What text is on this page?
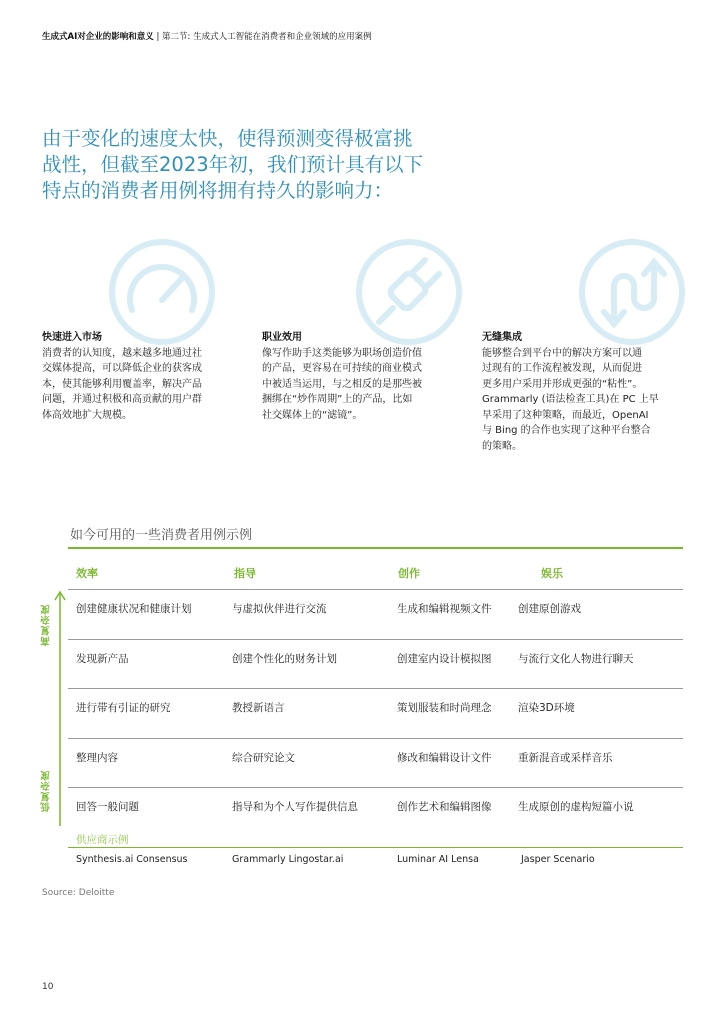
生成式AI对企业的影响和意义 | 第二节: 生成式人工智能在消费者和企业领域的应用案例
由于变化的速度太快，使得预测变得极富挑
战性，但截至2023年初，我们预计具有以下
特点的消费者用例将拥有持久的影响力：
快速进入市场
消费者的认知度，越来越多地通过社
交媒体提高，可以降低企业的获客成
本，使其能够利用覆盖率，解决产品
问题，并通过积极和高贡献的用户群
体高效地扩大规模。
职业效用
像写作助手这类能够为职场创造价值
的产品，更容易在可持续的商业模式
中被适当运用，与之相反的是那些被
捆绑在“炒作周期”上的产品，比如
社交媒体上的“滤镜”。
无缝集成
能够整合到平台中的解决方案可以通
过现有的工作流程被发现，从而促进
更多用户采用并形成更强的“粘性”。
Grammarly (语法检查工具)在 PC 上早
早采用了这种策略，而最近，OpenAI
与 Bing 的合作也实现了这种平台整合
的策略。
如今可用的一些消费者用例示例
效率	指导	创作	娱乐
高复杂度
低复杂度
创建健康状况和健康计划	与虚拟伙伴进行交流	生成和编辑视频文件	创建原创游戏
发现新产品	创建个性化的财务计划	创建室内设计模拟图	与流行文化人物进行聊天
进行带有引证的研究	教授新语言	策划服装和时尚理念	渲染3D环境
整理内容	综合研究论文	修改和编辑设计文件	重新混音或采样音乐
回答一般问题	指导和为个人写作提供信息	创作艺术和编辑图像	生成原创的虚构短篇小说
供应商示例
Synthesis.ai Consensus	Grammarly Lingostar.ai	Luminar AI Lensa	Jasper Scenario
Source: Deloitte
10
